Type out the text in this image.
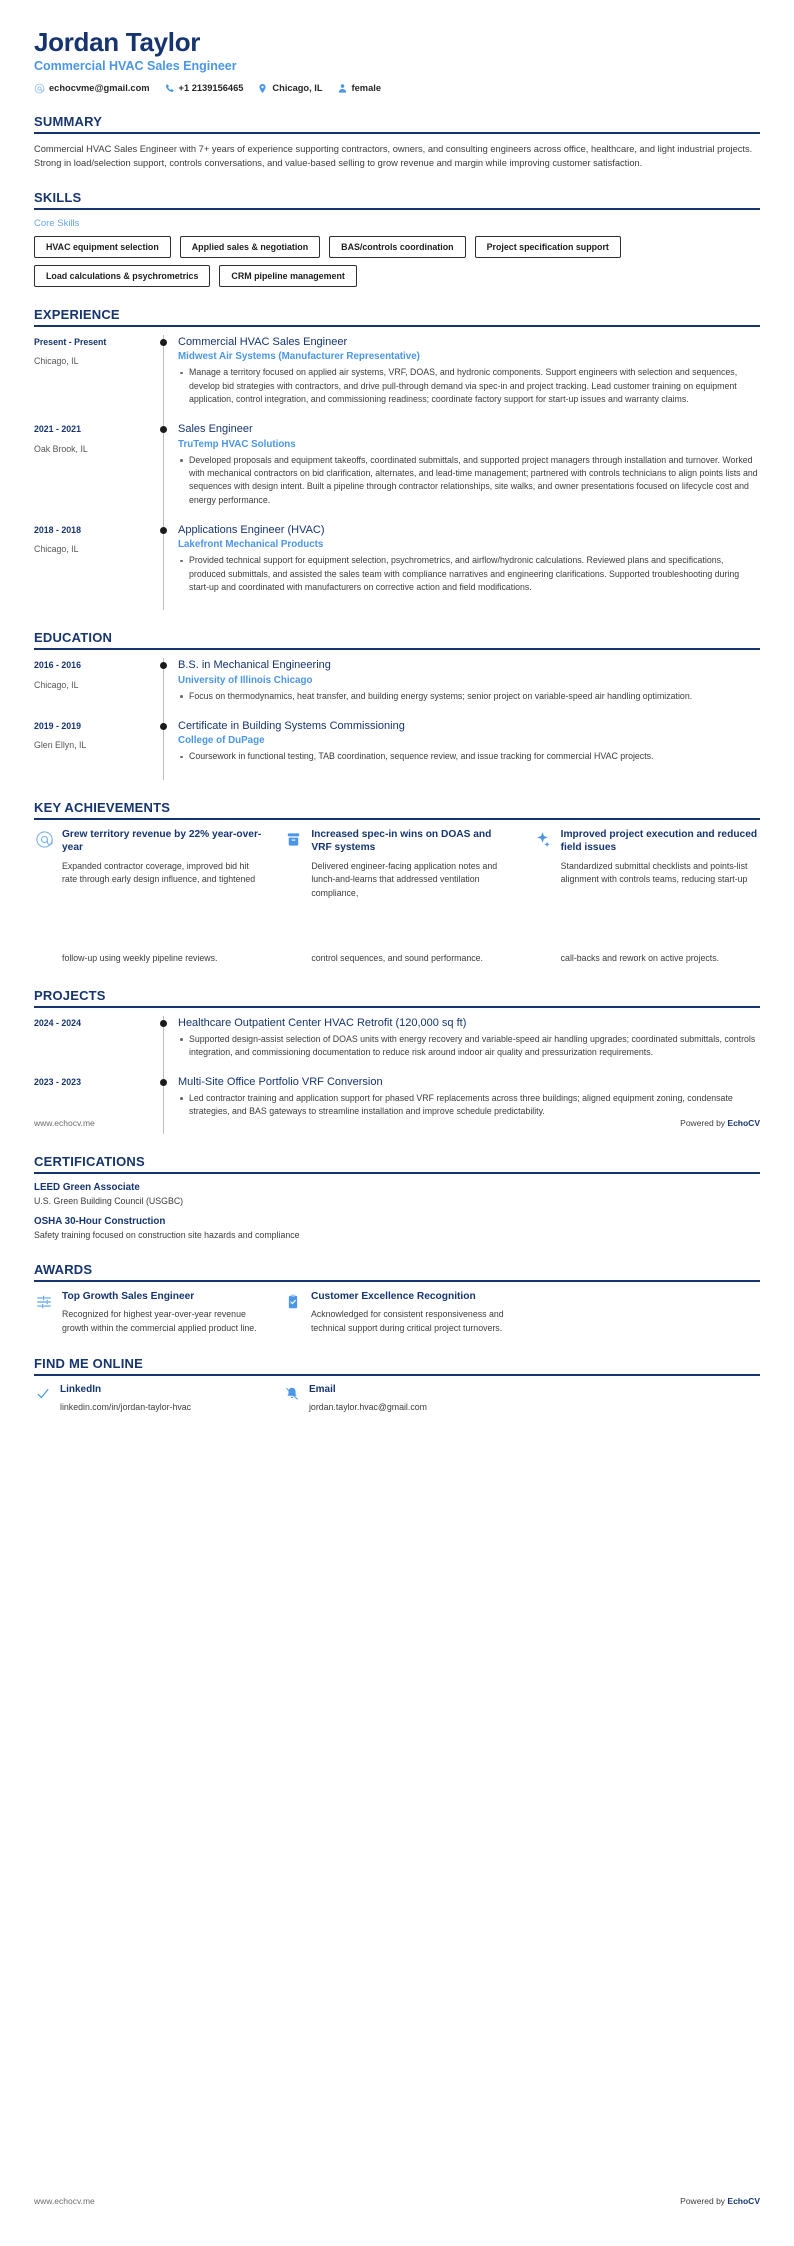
Jordan Taylor
Commercial HVAC Sales Engineer
echocvme@gmail.com	+1 2139156465	Chicago, IL	female
SUMMARY

Commercial HVAC Sales Engineer with 7+ years of experience supporting contractors, owners, and consulting engineers across office, healthcare, and light industrial projects. Strong in load/selection support, controls conversations, and value-based selling to grow revenue and margin while improving customer satisfaction.

SKILLS
Core Skills
HVAC equipment selection	Applied sales & negotiation	BAS/controls coordination	Project specification support
Load calculations & psychrometrics	CRM pipeline management
EXPERIENCE
Present - Present
Chicago, IL
Commercial HVAC Sales Engineer
Midwest Air Systems (Manufacturer Representative)
Manage a territory focused on applied air systems, VRF, DOAS, and hydronic components. Support engineers with selection and sequences, develop bid strategies with contractors, and drive pull-through demand via spec-in and project tracking. Lead customer training on equipment application, control integration, and commissioning readiness; coordinate factory support for start-up issues and warranty claims.
2021 - 2021
Oak Brook, IL
Sales Engineer
TruTemp HVAC Solutions
Developed proposals and equipment takeoffs, coordinated submittals, and supported project managers through installation and turnover. Worked with mechanical contractors on bid clarification, alternates, and lead-time management; partnered with controls technicians to align points lists and sequences with design intent. Built a pipeline through contractor relationships, site walks, and owner presentations focused on lifecycle cost and energy performance.
2018 - 2018
Chicago, IL
Applications Engineer (HVAC)
Lakefront Mechanical Products
Provided technical support for equipment selection, psychrometrics, and airflow/hydronic calculations. Reviewed plans and specifications, produced submittals, and assisted the sales team with compliance narratives and engineering clarifications. Supported troubleshooting during start-up and coordinated with manufacturers on corrective action and field modifications.
EDUCATION
2016 - 2016
Chicago, IL
B.S. in Mechanical Engineering
University of Illinois Chicago
Focus on thermodynamics, heat transfer, and building energy systems; senior project on variable-speed air handling optimization.
2019 - 2019
Glen Ellyn, IL
Certificate in Building Systems Commissioning
College of DuPage
Coursework in functional testing, TAB coordination, sequence review, and issue tracking for commercial HVAC projects.
KEY ACHIEVEMENTS
Grew territory revenue by 22% year-over-year

Expanded contractor coverage, improved bid hit rate through early design influence, and tightened

Increased spec-in wins on DOAS and VRF systems

Delivered engineer-facing application notes and lunch-and-learns that addressed ventilation compliance,

Improved project execution and reduced field issues

Standardized submittal checklists and points-list alignment with controls teams, reducing start-up

follow-up using weekly pipeline reviews.	control sequences, and sound performance.	call-backs and rework on active projects.
PROJECTS
2024 - 2024	Healthcare Outpatient Center HVAC Retrofit (120,000 sq ft)
Supported design-assist selection of DOAS units with energy recovery and variable-speed air handling upgrades; coordinated submittals, controls integration, and commissioning documentation to reduce risk around indoor air quality and pressurization requirements.
2023 - 2023	Multi-Site Office Portfolio VRF Conversion
Led contractor training and application support for phased VRF replacements across three buildings; aligned equipment zoning, condensate strategies, and BAS gateways to streamline installation and improve schedule predictability.
CERTIFICATIONS
LEED Green Associate
U.S. Green Building Council (USGBC)
OSHA 30-Hour Construction
Safety training focused on construction site hazards and compliance
AWARDS
Top Growth Sales Engineer

Recognized for highest year-over-year revenue growth within the commercial applied product line.

Customer Excellence Recognition

Acknowledged for consistent responsiveness and technical support during critical project turnovers.

FIND ME ONLINE
LinkedIn
linkedin.com/in/jordan-taylor-hvac
Email
jordan.taylor.hvac@gmail.com
www.echocv.me	Powered by EchoCV
www.echocv.me	Powered by EchoCV
